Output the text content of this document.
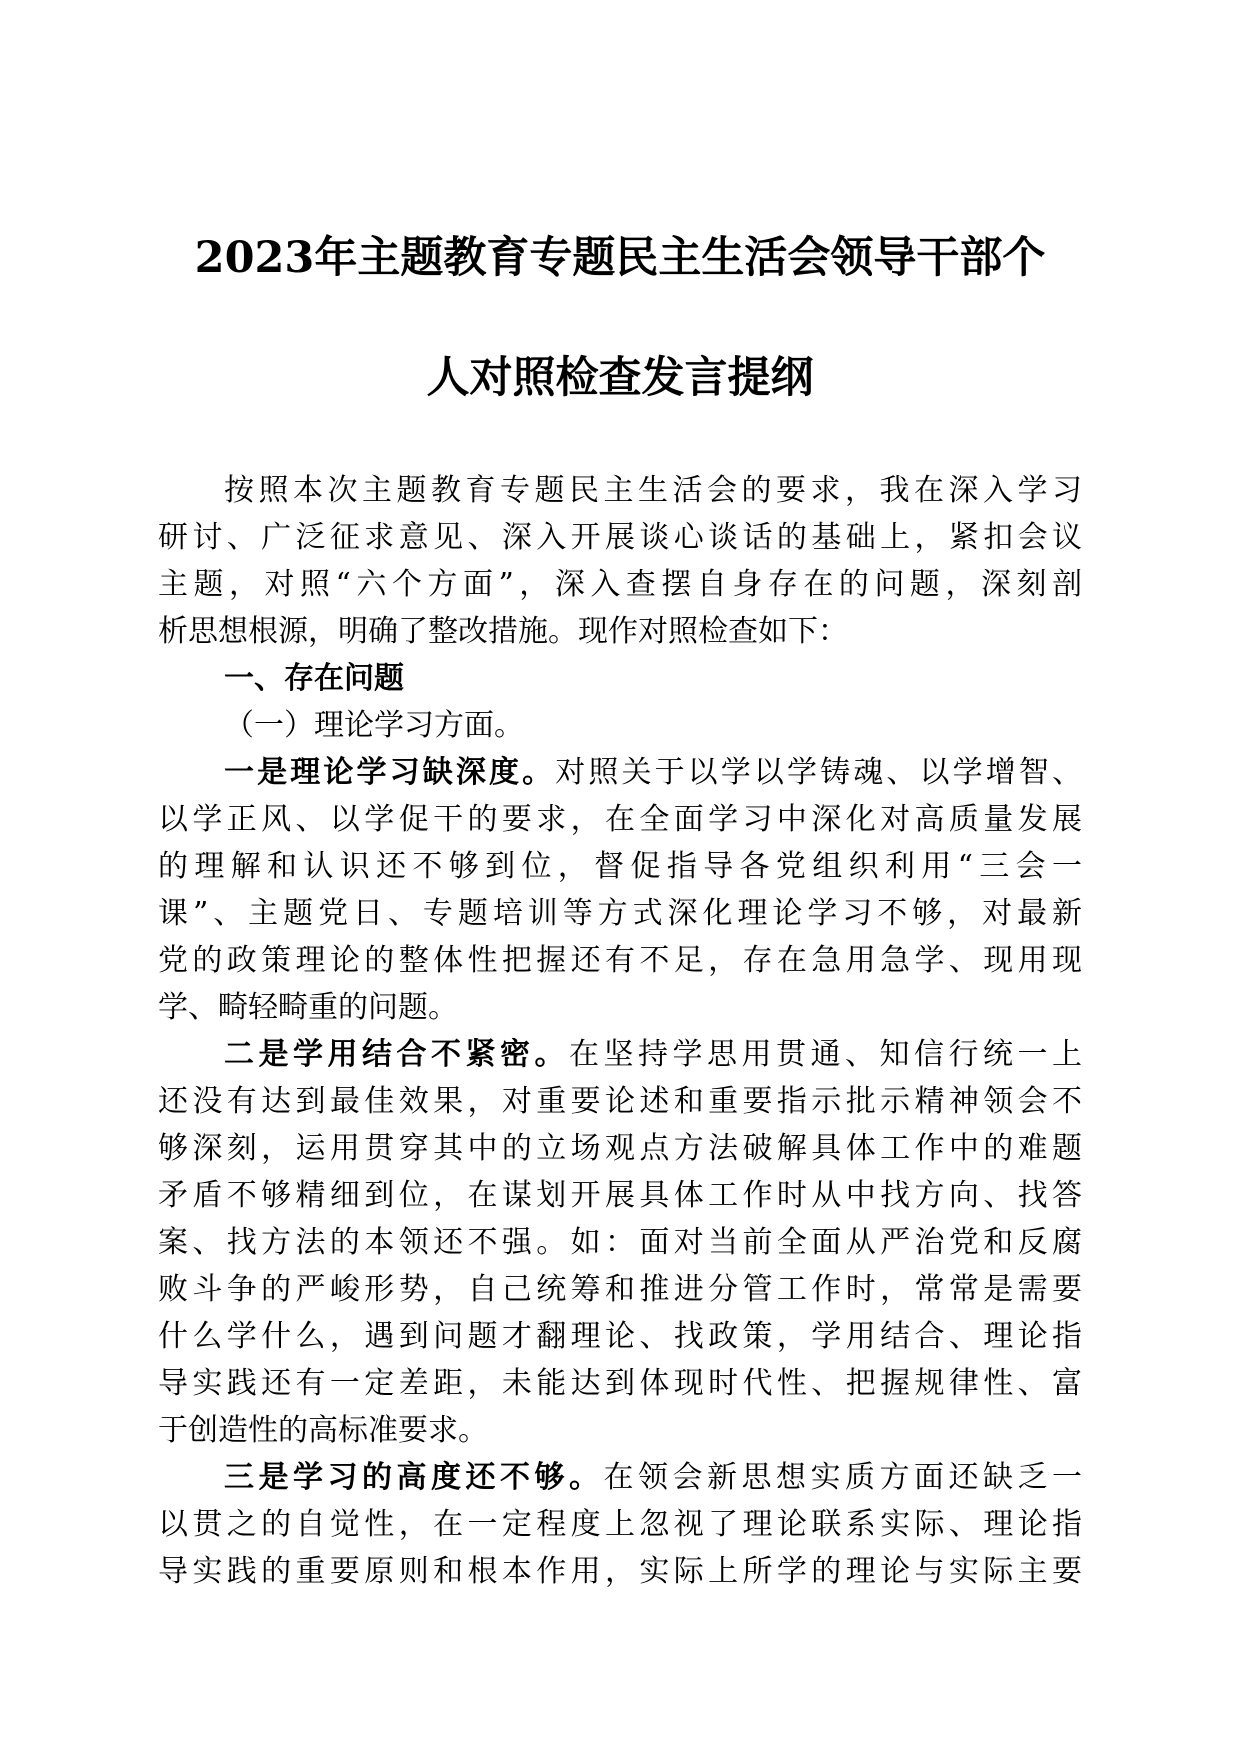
2023年主题教育专题民主生活会领导干部个
人对照检查发言提纲
按照本次主题教育专题民主生活会的要求，我在深入学习
研讨、广泛征求意见、深入开展谈心谈话的基础上，紧扣会议
主题，对照“六个方面”，深入查摆自身存在的问题，深刻剖
析思想根源，明确了整改措施。现作对照检查如下：
一、存在问题
（一）理论学习方面。
一是理论学习缺深度。对照关于以学以学铸魂、以学增智、
以学正风、以学促干的要求，在全面学习中深化对高质量发展
的理解和认识还不够到位，督促指导各党组织利用“三会一
课”、主题党日、专题培训等方式深化理论学习不够，对最新
党的政策理论的整体性把握还有不足，存在急用急学、现用现
学、畸轻畸重的问题。
二是学用结合不紧密。在坚持学思用贯通、知信行统一上
还没有达到最佳效果，对重要论述和重要指示批示精神领会不
够深刻，运用贯穿其中的立场观点方法破解具体工作中的难题
矛盾不够精细到位，在谋划开展具体工作时从中找方向、找答
案、找方法的本领还不强。如：面对当前全面从严治党和反腐
败斗争的严峻形势，自己统筹和推进分管工作时，常常是需要
什么学什么，遇到问题才翻理论、找政策，学用结合、理论指
导实践还有一定差距，未能达到体现时代性、把握规律性、富
于创造性的高标准要求。
三是学习的高度还不够。在领会新思想实质方面还缺乏一
以贯之的自觉性，在一定程度上忽视了理论联系实际、理论指
导实践的重要原则和根本作用，实际上所学的理论与实际主要
